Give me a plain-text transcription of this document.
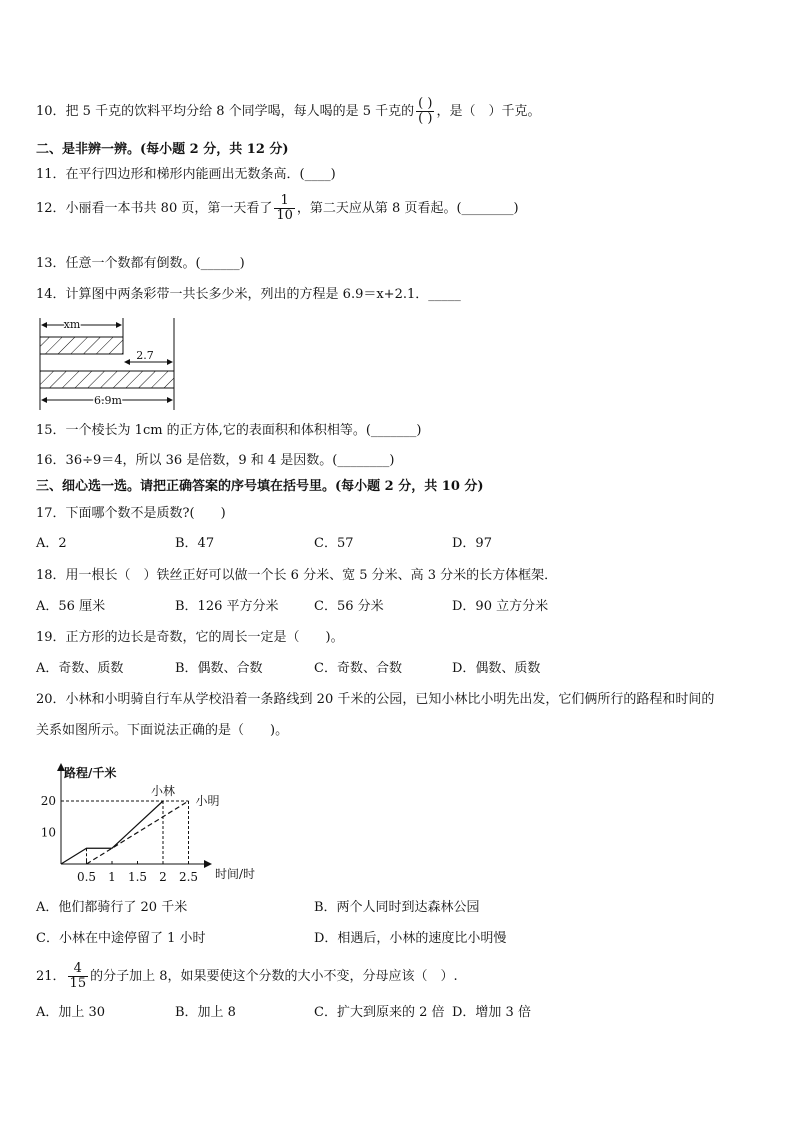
10．把 5 千克的饮料平均分给 8 个同学喝，每人喝的是 5 千克的 $\frac{( )}{( )}$ ，是（　）千克。
二、是非辨一辨。(每小题 2 分，共 12 分)
11．在平行四边形和梯形内能画出无数条高．(____)
12．小丽看一本书共 80 页，第一天看了 $\frac{1}{10}$ ，第二天应从第 8 页看起。(________)
13．任意一个数都有倒数。(______)
14．计算图中两条彩带一共长多少米，列出的方程是 6.9＝x+2.1．_____
xm
2.7
6.9m
15．一个棱长为 1cm 的正方体,它的表面积和体积相等。(_______)
16．36÷9＝4，所以 36 是倍数，9 和 4 是因数。(________)
三、细心选一选。请把正确答案的序号填在括号里。(每小题 2 分，共 10 分)
17．下面哪个数不是质数?(　　)
A．2	B．47	C．57	D．97
18．用一根长（　）铁丝正好可以做一个长 6 分米、宽 5 分米、高 3 分米的长方体框架．
A．56 厘米	B．126 平方分米	C．56 分米	D．90 立方分米
19．正方形的边长是奇数，它的周长一定是（　　)。
A．奇数、质数	B．偶数、合数	C．奇数、合数	D．偶数、质数
20．小林和小明骑自行车从学校沿着一条路线到 20 千米的公园，已知小林比小明先出发，它们俩所行的路程和时间的
关系如图所示。下面说法正确的是（　　)。
路程/千米
时间/时
0.5 1 1.5 2 2.5
10
20
小林
小明
A．他们都骑行了 20 千米	B．两个人同时到达森林公园
C．小林在中途停留了 1 小时	D．相遇后，小林的速度比小明慢
21． $\frac{4}{15}$ 的分子加上 8，如果要使这个分数的大小不变，分母应该（　）.
A．加上 30	B．加上 8	C．扩大到原来的 2 倍 D．增加 3 倍
